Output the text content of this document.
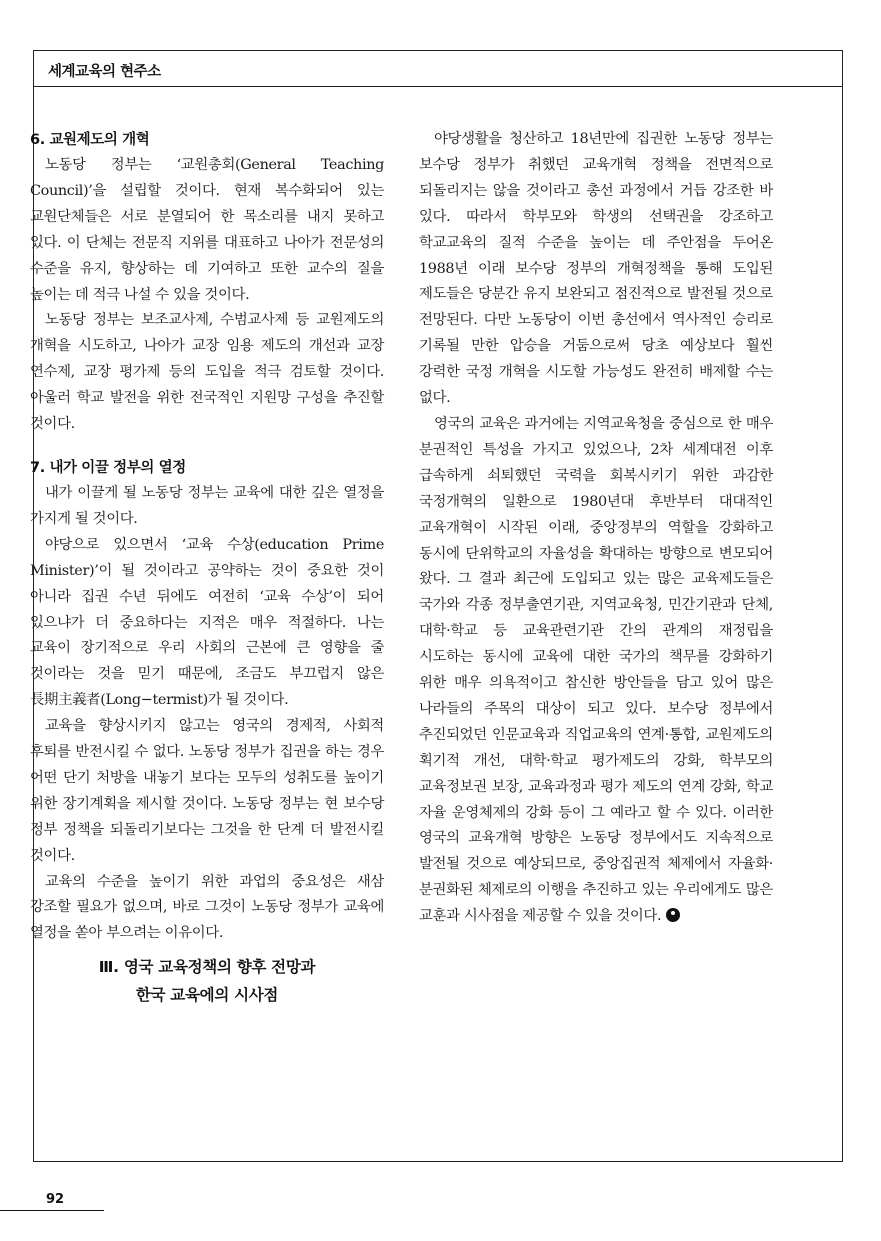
세계교육의 현주소
6. 교원제도의 개혁

노동당 정부는 ‘교원총회(General Teaching Council)’을 설립할 것이다. 현재 복수화되어 있는 교원단체들은 서로 분열되어 한 목소리를 내지 못하고 있다. 이 단체는 전문직 지위를 대표하고 나아가 전문성의 수준을 유지, 향상하는 데 기여하고 또한 교수의 질을 높이는 데 적극 나설 수 있을 것이다.

노동당 정부는 보조교사제, 수범교사제 등 교원제도의 개혁을 시도하고, 나아가 교장 임용 제도의 개선과 교장 연수제, 교장 평가제 등의 도입을 적극 검토할 것이다. 아울러 학교 발전을 위한 전국적인 지원망 구성을 추진할 것이다.

7. 내가 이끌 정부의 열정

내가 이끌게 될 노동당 정부는 교육에 대한 깊은 열정을 가지게 될 것이다.

야당으로 있으면서 ‘교육 수상(education Prime Minister)’이 될 것이라고 공약하는 것이 중요한 것이 아니라 집권 수년 뒤에도 여전히 ‘교육 수상’이 되어 있으냐가 더 중요하다는 지적은 매우 적절하다. 나는 교육이 장기적으로 우리 사회의 근본에 큰 영향을 줄 것이라는 것을 믿기 때문에, 조금도 부끄럽지 않은 長期主義者(Long−termist)가 될 것이다.

교육을 향상시키지 않고는 영국의 경제적, 사회적 후퇴를 반전시킬 수 없다. 노동당 정부가 집권을 하는 경우 어떤 단기 처방을 내놓기 보다는 모두의 성취도를 높이기 위한 장기계획을 제시할 것이다. 노동당 정부는 현 보수당 정부 정책을 되돌리기보다는 그것을 한 단계 더 발전시킬 것이다.

교육의 수준을 높이기 위한 과업의 중요성은 새삼 강조할 필요가 없으며, 바로 그것이 노동당 정부가 교육에 열정을 쏟아 부으려는 이유이다.

Ⅲ. 영국 교육정책의 향후 전망과
한국 교육에의 시사점

야당생활을 청산하고 18년만에 집권한 노동당 정부는 보수당 정부가 취했던 교육개혁 정책을 전면적으로 되돌리지는 않을 것이라고 총선 과정에서 거듭 강조한 바 있다. 따라서 학부모와 학생의 선택권을 강조하고 학교교육의 질적 수준을 높이는 데 주안점을 두어온 1988년 이래 보수당 정부의 개혁정책을 통해 도입된 제도들은 당분간 유지 보완되고 점진적으로 발전될 것으로 전망된다. 다만 노동당이 이번 총선에서 역사적인 승리로 기록될 만한 압승을 거둠으로써 당초 예상보다 훨씬 강력한 국정 개혁을 시도할 가능성도 완전히 배제할 수는 없다.

영국의 교육은 과거에는 지역교육청을 중심으로 한 매우 분권적인 특성을 가지고 있었으나, 2차 세계대전 이후 급속하게 쇠퇴했던 국력을 회복시키기 위한 과감한 국정개혁의 일환으로 1980년대 후반부터 대대적인 교육개혁이 시작된 이래, 중앙정부의 역할을 강화하고 동시에 단위학교의 자율성을 확대하는 방향으로 변모되어 왔다. 그 결과 최근에 도입되고 있는 많은 교육제도들은 국가와 각종 정부출연기관, 지역교육청, 민간기관과 단체, 대학·학교 등 교육관련기관 간의 관계의 재정립을 시도하는 동시에 교육에 대한 국가의 책무를 강화하기 위한 매우 의욕적이고 참신한 방안들을 담고 있어 많은 나라들의 주목의 대상이 되고 있다. 보수당 정부에서 추진되었던 인문교육과 직업교육의 연계·통합, 교원제도의 획기적 개선, 대학·학교 평가제도의 강화, 학부모의 교육정보권 보장, 교육과정과 평가 제도의 연계 강화, 학교 자율 운영체제의 강화 등이 그 예라고 할 수 있다. 이러한 영국의 교육개혁 방향은 노동당 정부에서도 지속적으로 발전될 것으로 예상되므로, 중앙집권적 체제에서 자율화·분권화된 체제로의 이행을 추진하고 있는 우리에게도 많은 교훈과 시사점을 제공할 수 있을 것이다.

92
